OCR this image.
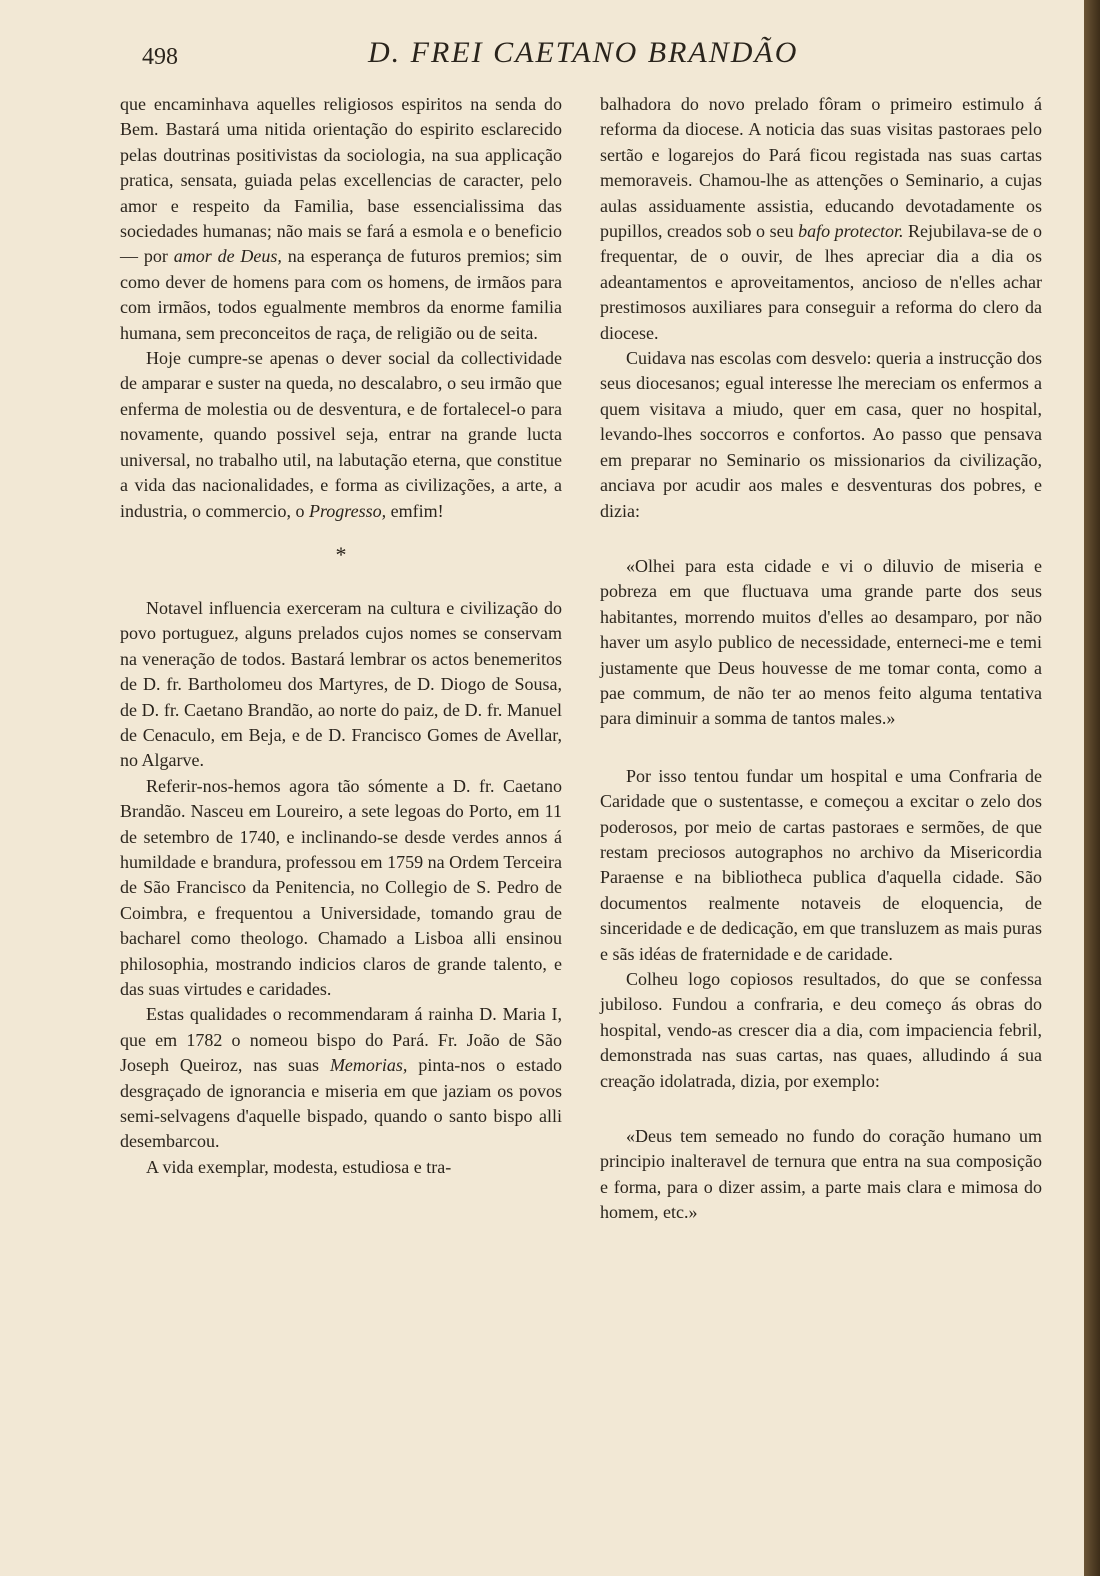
498	D. FREI CAETANO BRANDÃO

que encaminhava aquelles religiosos espiritos na senda do Bem. Bastará uma nitida orientação do espirito esclarecido pelas doutrinas positivistas da sociologia, na sua applicação pratica, sensata, guiada pelas excellencias de caracter, pelo amor e respeito da Familia, base essencialissima das sociedades humanas; não mais se fará a esmola e o beneficio — por amor de Deus, na esperança de futuros premios; sim como dever de homens para com os homens, de irmãos para com irmãos, todos egualmente membros da enorme familia humana, sem preconceitos de raça, de religião ou de seita.

Hoje cumpre-se apenas o dever social da collectividade de amparar e suster na queda, no descalabro, o seu irmão que enferma de molestia ou de desventura, e de fortalecel-o para novamente, quando possivel seja, entrar na grande lucta universal, no trabalho util, na labutação eterna, que constitue a vida das nacionalidades, e forma as civilizações, a arte, a industria, o commercio, o Progresso, emfim!

*

Notavel influencia exerceram na cultura e civilização do povo portuguez, alguns prelados cujos nomes se conservam na veneração de todos. Bastará lembrar os actos benemeritos de D. fr. Bartholomeu dos Martyres, de D. Diogo de Sousa, de D. fr. Caetano Brandão, ao norte do paiz, de D. fr. Manuel de Cenaculo, em Beja, e de D. Francisco Gomes de Avellar, no Algarve.

Referir-nos-hemos agora tão sómente a D. fr. Caetano Brandão. Nasceu em Loureiro, a sete legoas do Porto, em 11 de setembro de 1740, e inclinando-se desde verdes annos á humildade e brandura, professou em 1759 na Ordem Terceira de São Francisco da Penitencia, no Collegio de S. Pedro de Coimbra, e frequentou a Universidade, tomando grau de bacharel como theologo. Chamado a Lisboa alli ensinou philosophia, mostrando indicios claros de grande talento, e das suas virtudes e caridades.

Estas qualidades o recommendaram á rainha D. Maria I, que em 1782 o nomeou bispo do Pará. Fr. João de São Joseph Queiroz, nas suas Memorias, pinta-nos o estado desgraçado de ignorancia e miseria em que jaziam os povos semi-selvagens d'aquelle bispado, quando o santo bispo alli desembarcou.

A vida exemplar, modesta, estudiosa e tra-

balhadora do novo prelado fôram o primeiro estimulo á reforma da diocese. A noticia das suas visitas pastoraes pelo sertão e logarejos do Pará ficou registada nas suas cartas memoraveis. Chamou-lhe as attenções o Seminario, a cujas aulas assiduamente assistia, educando devotadamente os pupillos, creados sob o seu bafo protector. Rejubilava-se de o frequentar, de o ouvir, de lhes apreciar dia a dia os adeantamentos e aproveitamentos, ancioso de n'elles achar prestimosos auxiliares para conseguir a reforma do clero da diocese.

Cuidava nas escolas com desvelo: queria a instrucção dos seus diocesanos; egual interesse lhe mereciam os enfermos a quem visitava a miudo, quer em casa, quer no hospital, levando-lhes soccorros e confortos. Ao passo que pensava em preparar no Seminario os missionarios da civilização, anciava por acudir aos males e desventuras dos pobres, e dizia:

«Olhei para esta cidade e vi o diluvio de miseria e pobreza em que fluctuava uma grande parte dos seus habitantes, morrendo muitos d'elles ao desamparo, por não haver um asylo publico de necessidade, enterneci-me e temi justamente que Deus houvesse de me tomar conta, como a pae commum, de não ter ao menos feito alguma tentativa para diminuir a somma de tantos males.»

Por isso tentou fundar um hospital e uma Confraria de Caridade que o sustentasse, e começou a excitar o zelo dos poderosos, por meio de cartas pastoraes e sermões, de que restam preciosos autographos no archivo da Misericordia Paraense e na bibliotheca publica d'aquella cidade. São documentos realmente notaveis de eloquencia, de sinceridade e de dedicação, em que transluzem as mais puras e sãs idéas de fraternidade e de caridade.

Colheu logo copiosos resultados, do que se confessa jubiloso. Fundou a confraria, e deu começo ás obras do hospital, vendo-as crescer dia a dia, com impaciencia febril, demonstrada nas suas cartas, nas quaes, alludindo á sua creação idolatrada, dizia, por exemplo:

«Deus tem semeado no fundo do coração humano um principio inalteravel de ternura que entra na sua composição e forma, para o dizer assim, a parte mais clara e mimosa do homem, etc.»
